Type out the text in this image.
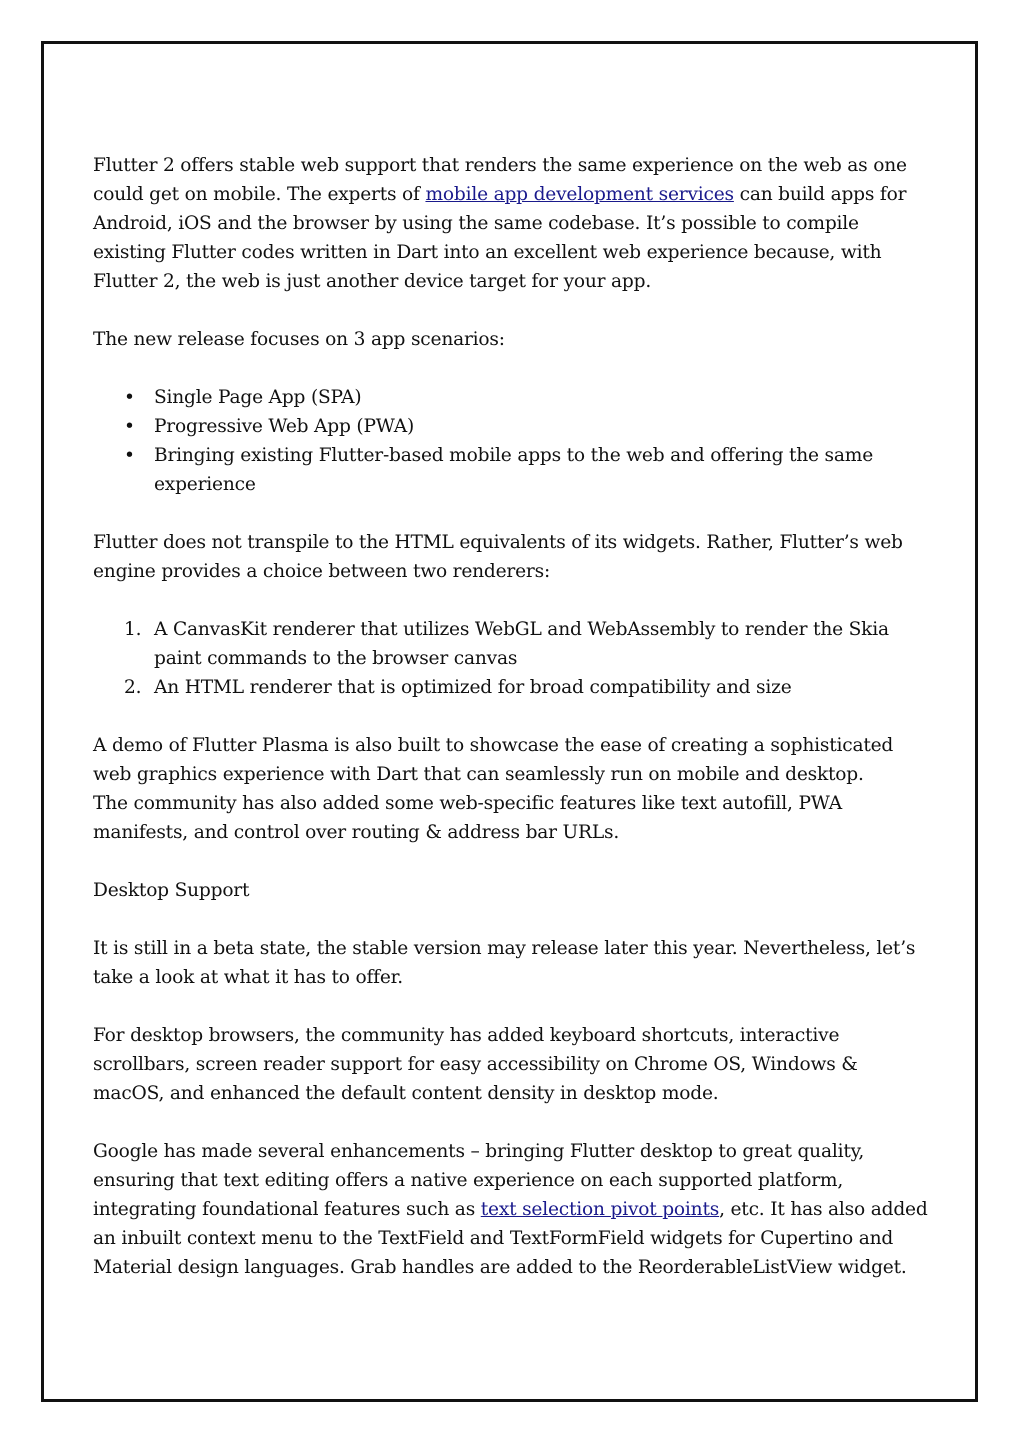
Flutter 2 offers stable web support that renders the same experience on the web as one could get on mobile. The experts of mobile app development services can build apps for Android, iOS and the browser by using the same codebase. It’s possible to compile existing Flutter codes written in Dart into an excellent web experience because, with Flutter 2, the web is just another device target for your app.

The new release focuses on 3 app scenarios:

• Single Page App (SPA)
• Progressive Web App (PWA)
• Bringing existing Flutter-based mobile apps to the web and offering the same experience

Flutter does not transpile to the HTML equivalents of its widgets. Rather, Flutter’s web engine provides a choice between two renderers:

1. A CanvasKit renderer that utilizes WebGL and WebAssembly to render the Skia paint commands to the browser canvas
2. An HTML renderer that is optimized for broad compatibility and size

A demo of Flutter Plasma is also built to showcase the ease of creating a sophisticated web graphics experience with Dart that can seamlessly run on mobile and desktop.

The community has also added some web-specific features like text autofill, PWA manifests, and control over routing & address bar URLs.

Desktop Support

It is still in a beta state, the stable version may release later this year. Nevertheless, let’s take a look at what it has to offer.

For desktop browsers, the community has added keyboard shortcuts, interactive scrollbars, screen reader support for easy accessibility on Chrome OS, Windows & macOS, and enhanced the default content density in desktop mode.

Google has made several enhancements – bringing Flutter desktop to great quality, ensuring that text editing offers a native experience on each supported platform, integrating foundational features such as text selection pivot points, etc. It has also added an inbuilt context menu to the TextField and TextFormField widgets for Cupertino and Material design languages. Grab handles are added to the ReorderableListView widget.
